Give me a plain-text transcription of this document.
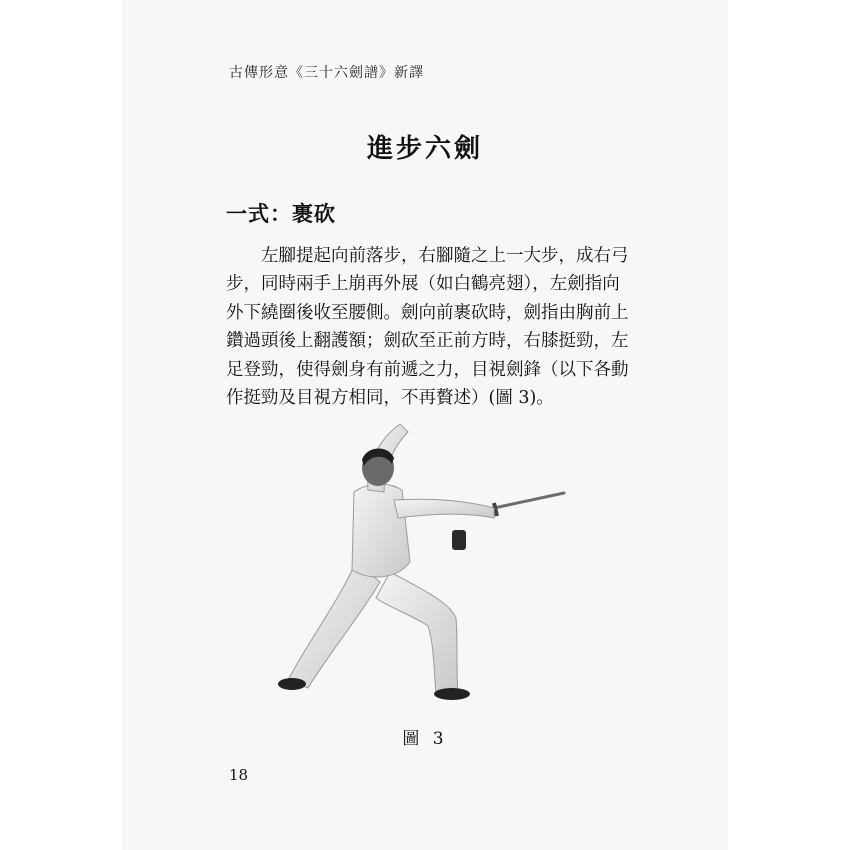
古傳形意《三十六劍譜》新譯
進步六劍
一式：裹砍
左腳提起向前落步，右腳隨之上一大步，成右弓
步，同時兩手上崩再外展（如白鶴亮翅），左劍指向
外下繞圈後收至腰側。劍向前裹砍時，劍指由胸前上
鑽過頭後上翻護額；劍砍至正前方時，右膝挺勁，左
足登勁，使得劍身有前遞之力，目視劍鋒（以下各動
作挺勁及目視方相同，不再贅述）(圖 3)。
圖 3
18
